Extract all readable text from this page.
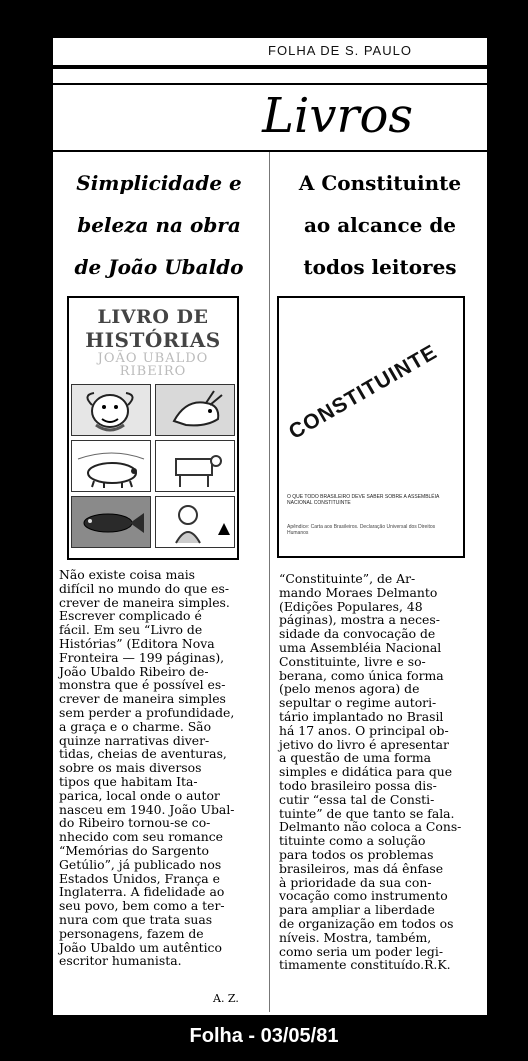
FOLHA DE S. PAULO
Livros
Simplicidade e
beleza na obra
de João Ubaldo
LIVRO DE
HISTÓRIAS
JOÃO UBALDO
RIBEIRO
Não existe coisa mais
difícil no mundo do que es-
crever de maneira simples.
Escrever complicado é
fácil. Em seu “Livro de
Histórias” (Editora Nova
Fronteira — 199 páginas),
João Ubaldo Ribeiro de-
monstra que é possível es-
crever de maneira simples
sem perder a profundidade,
a graça e o charme. São
quinze narrativas diver-
tidas, cheias de aventuras,
sobre os mais diversos
tipos que habitam Ita-
parica, local onde o autor
nasceu em 1940. João Ubal-
do Ribeiro tornou-se co-
nhecido com seu romance
“Memórias do Sargento
Getúlio”, já publicado nos
Estados Unidos, França e
Inglaterra. A fidelidade ao
seu povo, bem como a ter-
nura com que trata suas
personagens, fazem de
João Ubaldo um autêntico
escritor humanista.
A. Z.
A Constituinte
ao alcance de
todos leitores
CONSTITUINTE
O QUE TODO BRASILEIRO DEVE SABER SOBRE A ASSEMBLÉIA NACIONAL CONSTITUINTE
Apêndice: Carta aos Brasileiros. Declaração Universal dos Direitos Humanos
“Constituinte”, de Ar-
mando Moraes Delmanto
(Edições Populares, 48
páginas), mostra a neces-
sidade da convocação de
uma Assembléia Nacional
Constituinte, livre e so-
berana, como única forma
(pelo menos agora) de
sepultar o regime autori-
tário implantado no Brasil
há 17 anos. O principal ob-
jetivo do livro é apresentar
a questão de uma forma
simples e didática para que
todo brasileiro possa dis-
cutir “essa tal de Consti-
tuinte” de que tanto se fala.
Delmanto não coloca a Cons-
tituinte como a solução
para todos os problemas
brasileiros, mas dá ênfase
à prioridade da sua con-
vocação como instrumento
para ampliar a liberdade
de organização em todos os
níveis. Mostra, também,
como seria um poder legi-
timamente constituído.R.K.
Folha - 03/05/81
